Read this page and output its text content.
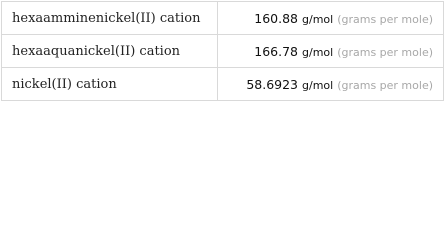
hexaamminenickel(II) cation	160.88 g/mol (grams per mole)
hexaaquanickel(II) cation	166.78 g/mol (grams per mole)
nickel(II) cation	58.6923 g/mol (grams per mole)
